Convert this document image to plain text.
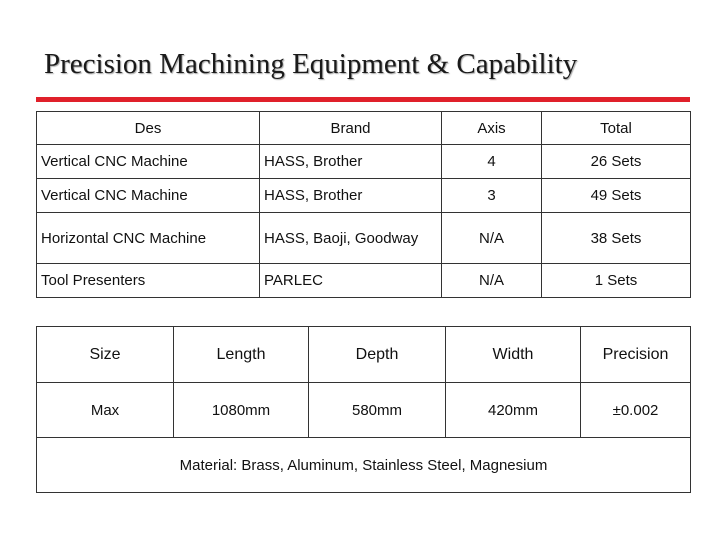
Precision Machining Equipment & Capability
Des	Brand	Axis	Total
Vertical CNC Machine	HASS, Brother	4	26 Sets
Vertical CNC Machine	HASS, Brother	3	49 Sets
Horizontal CNC Machine	HASS, Baoji, Goodway	N/A	38 Sets
Tool Presenters	PARLEC	N/A	1 Sets
Size	Length	Depth	Width	Precision
Max	1080mm	580mm	420mm	±0.002
Material: Brass, Aluminum, Stainless Steel, Magnesium				
